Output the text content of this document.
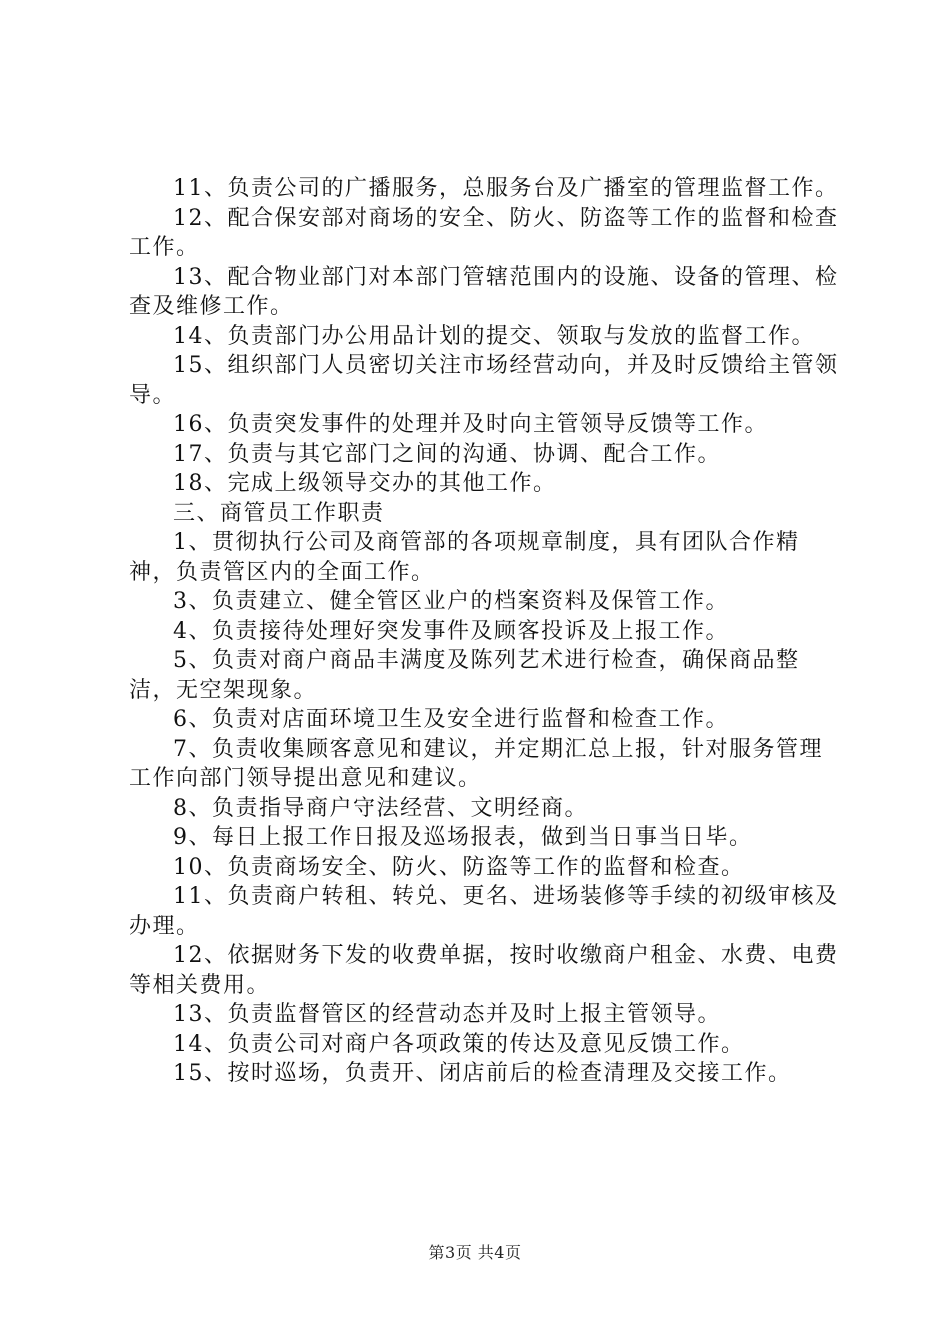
11、负责公司的广播服务，总服务台及广播室的管理监督工作。

12、配合保安部对商场的安全、防火、防盗等工作的监督和检查工作。

13、配合物业部门对本部门管辖范围内的设施、设备的管理、检查及维修工作。

14、负责部门办公用品计划的提交、领取与发放的监督工作。

15、组织部门人员密切关注市场经营动向，并及时反馈给主管领导。

16、负责突发事件的处理并及时向主管领导反馈等工作。

17、负责与其它部门之间的沟通、协调、配合工作。

18、完成上级领导交办的其他工作。

三、商管员工作职责

1、贯彻执行公司及商管部的各项规章制度，具有团队合作精神，负责管区内的全面工作。

3、负责建立、健全管区业户的档案资料及保管工作。

4、负责接待处理好突发事件及顾客投诉及上报工作。

5、负责对商户商品丰满度及陈列艺术进行检查，确保商品整洁，无空架现象。

6、负责对店面环境卫生及安全进行监督和检查工作。

7、负责收集顾客意见和建议，并定期汇总上报，针对服务管理工作向部门领导提出意见和建议。

8、负责指导商户守法经营、文明经商。

9、每日上报工作日报及巡场报表，做到当日事当日毕。

10、负责商场安全、防火、防盗等工作的监督和检查。

11、负责商户转租、转兑、更名、进场装修等手续的初级审核及办理。

12、依据财务下发的收费单据，按时收缴商户租金、水费、电费等相关费用。

13、负责监督管区的经营动态并及时上报主管领导。

14、负责公司对商户各项政策的传达及意见反馈工作。

15、按时巡场，负责开、闭店前后的检查清理及交接工作。

第3页 共4页
